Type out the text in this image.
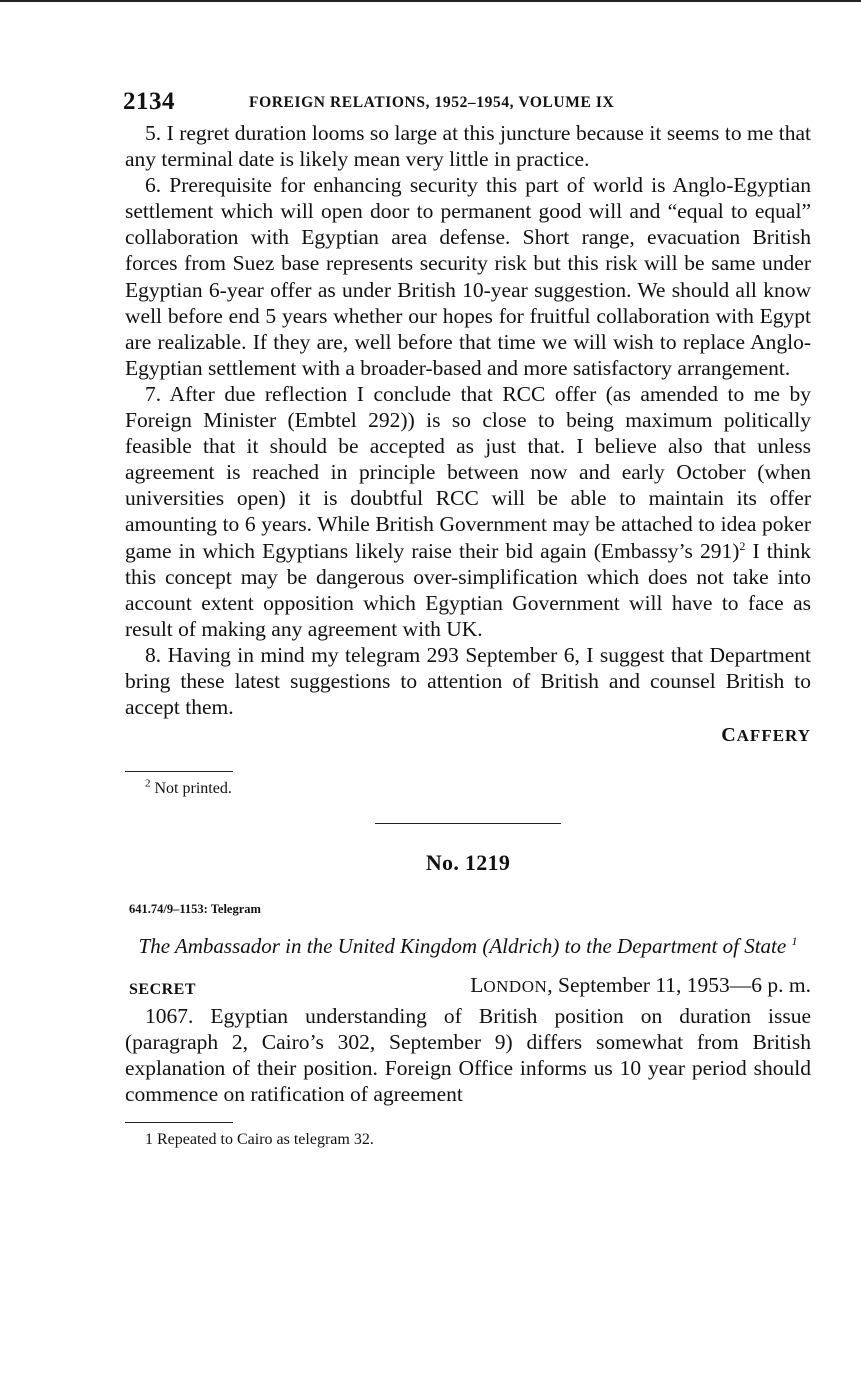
2134	FOREIGN RELATIONS, 1952–1954, VOLUME IX

5. I regret duration looms so large at this juncture because it seems to me that any terminal date is likely mean very little in practice.

6. Prerequisite for enhancing security this part of world is Anglo-Egyptian settlement which will open door to permanent good will and “equal to equal” collaboration with Egyptian area defense. Short range, evacuation British forces from Suez base represents security risk but this risk will be same under Egyptian 6-year offer as under British 10-year suggestion. We should all know well before end 5 years whether our hopes for fruitful collaboration with Egypt are realizable. If they are, well before that time we will wish to replace Anglo-Egyptian settlement with a broader-based and more satisfactory arrangement.

7. After due reflection I conclude that RCC offer (as amended to me by Foreign Minister (Embtel 292)) is so close to being maximum politically feasible that it should be accepted as just that. I believe also that unless agreement is reached in principle between now and early October (when universities open) it is doubtful RCC will be able to maintain its offer amounting to 6 years. While British Government may be attached to idea poker game in which Egyptians likely raise their bid again (Embassy’s 291)$^2$ I think this concept may be dangerous over-simplification which does not take into account extent opposition which Egyptian Government will have to face as result of making any agreement with UK.

8. Having in mind my telegram 293 September 6, I suggest that Department bring these latest suggestions to attention of British and counsel British to accept them.

CAFFERY
$^2$ Not printed.
No. 1219
641.74/9–1153: Telegram
The Ambassador in the United Kingdom (Aldrich) to the Department of State $^1$
SECRET	LONDON, September 11, 1953—6 p. m.

1067. Egyptian understanding of British position on duration issue (paragraph 2, Cairo’s 302, September 9) differs somewhat from British explanation of their position. Foreign Office informs us 10 year period should commence on ratification of agreement

1 Repeated to Cairo as telegram 32.
